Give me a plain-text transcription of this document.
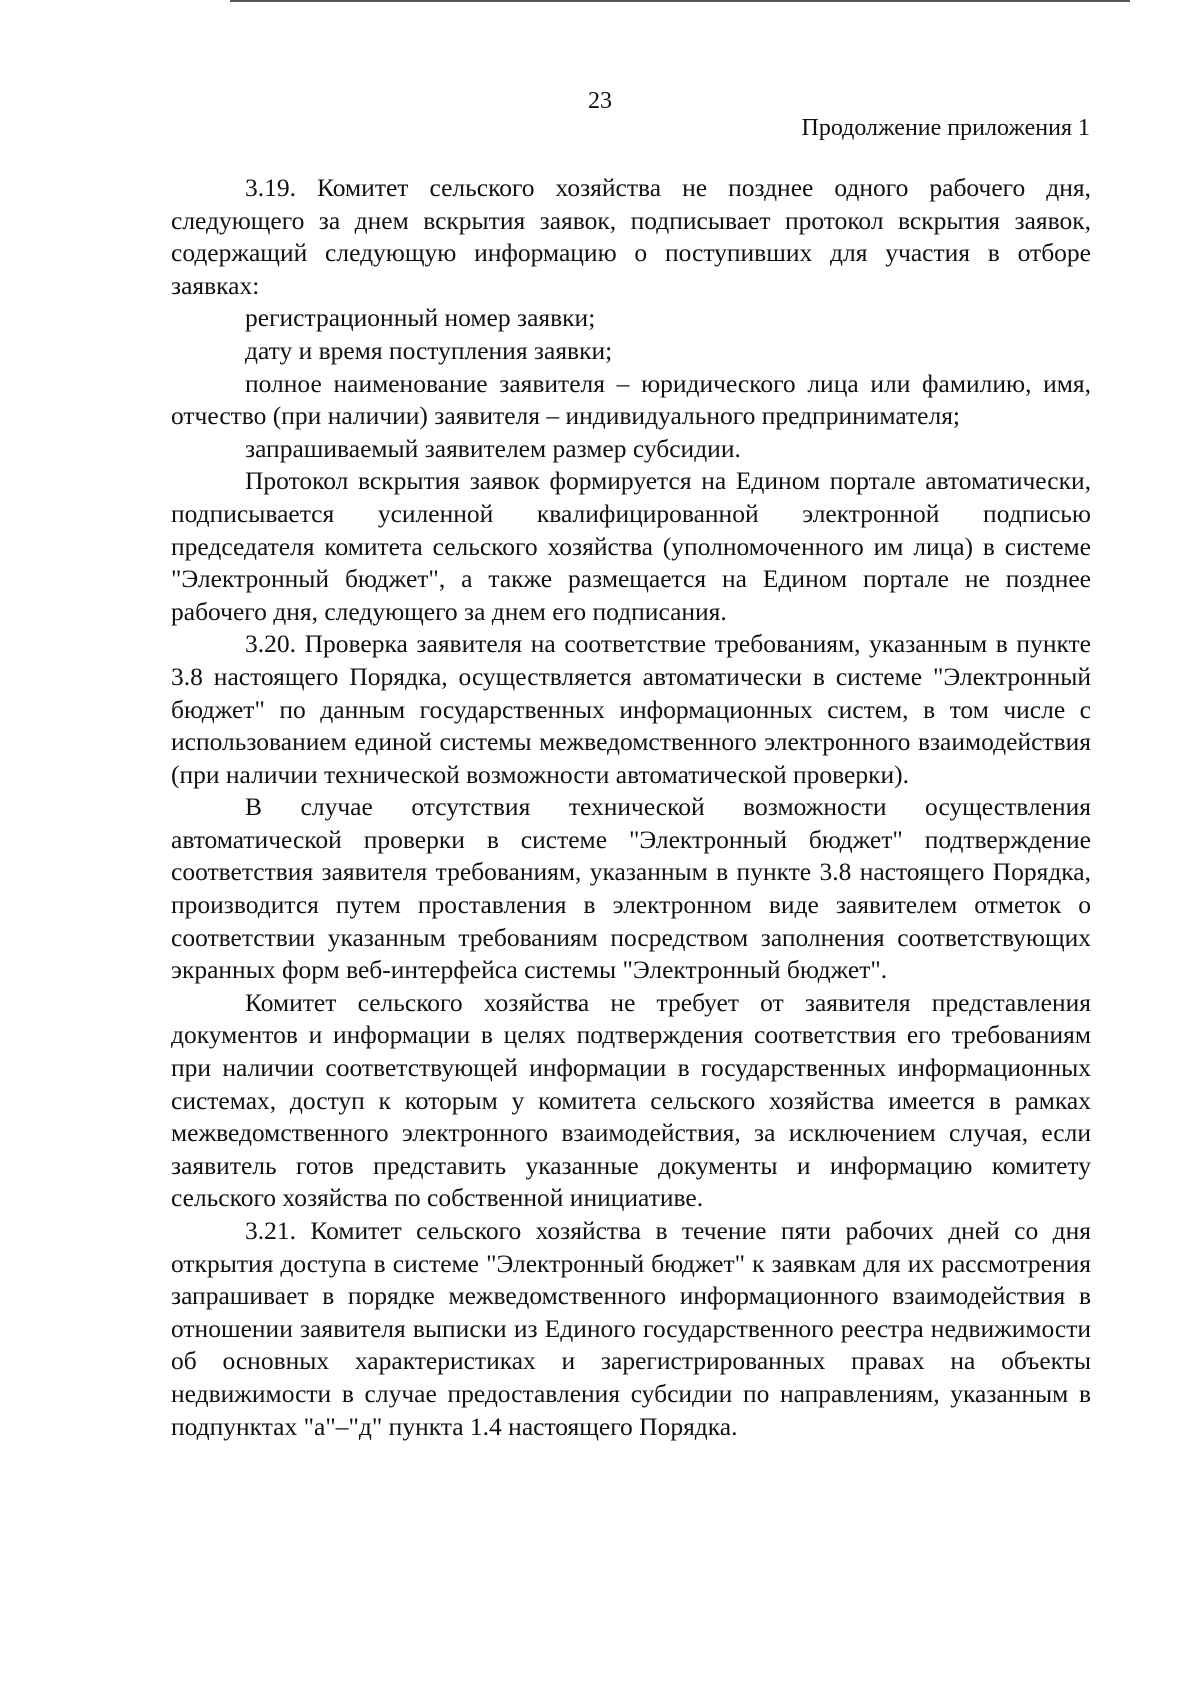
23
Продолжение приложения 1

3.19. Комитет сельского хозяйства не позднее одного рабочего дня, следующего за днем вскрытия заявок, подписывает протокол вскрытия заявок, содержащий следующую информацию о поступивших для участия в отборе заявках:

регистрационный номер заявки;

дату и время поступления заявки;

полное наименование заявителя – юридического лица или фамилию, имя, отчество (при наличии) заявителя – индивидуального предпринимателя;

запрашиваемый заявителем размер субсидии.

Протокол вскрытия заявок формируется на Едином портале автоматически, подписывается усиленной квалифицированной электронной подписью председателя комитета сельского хозяйства (уполномоченного им лица) в системе "Электронный бюджет", а также размещается на Едином портале не позднее рабочего дня, следующего за днем его подписания.

3.20. Проверка заявителя на соответствие требованиям, указанным в пункте 3.8 настоящего Порядка, осуществляется автоматически в системе "Электронный бюджет" по данным государственных информационных систем, в том числе с использованием единой системы межведомственного электронного взаимодействия (при наличии технической возможности автоматической проверки).

В случае отсутствия технической возможности осуществления автоматической проверки в системе "Электронный бюджет" подтверждение соответствия заявителя требованиям, указанным в пункте 3.8 настоящего Порядка, производится путем проставления в электронном виде заявителем отметок о соответствии указанным требованиям посредством заполнения соответствующих экранных форм веб-интерфейса системы "Электронный бюджет".

Комитет сельского хозяйства не требует от заявителя представления документов и информации в целях подтверждения соответствия его требованиям при наличии соответствующей информации в государственных информационных системах, доступ к которым у комитета сельского хозяйства имеется в рамках межведомственного электронного взаимодействия, за исключением случая, если заявитель готов представить указанные документы и информацию комитету сельского хозяйства по собственной инициативе.

3.21. Комитет сельского хозяйства в течение пяти рабочих дней со дня открытия доступа в системе "Электронный бюджет" к заявкам для их рассмотрения запрашивает в порядке межведомственного информационного взаимодействия в отношении заявителя выписки из Единого государственного реестра недвижимости об основных характеристиках и зарегистрированных правах на объекты недвижимости в случае предоставления субсидии по направлениям, указанным в подпунктах "а"–"д" пункта 1.4 настоящего Порядка.
